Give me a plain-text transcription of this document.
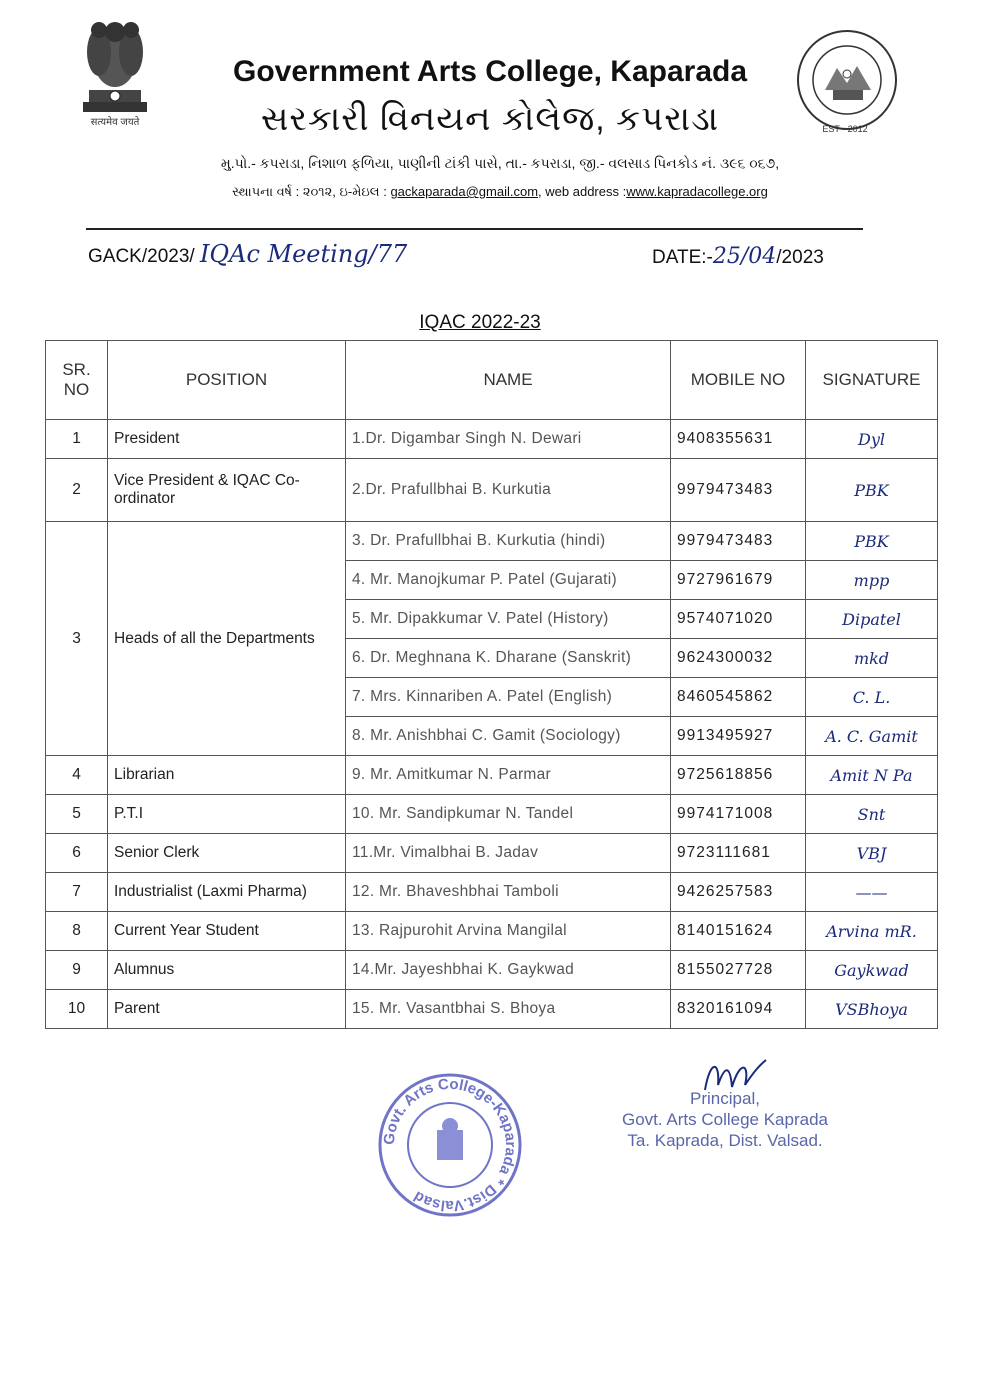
सत्यमेव जयते
EST - 2012
Government Arts College, Kaparada
સરકારી વિનયન કોલેજ, કપરાડા
મુ.પો.- કપરાડા, નિશાળ ફળિયા, પાણીની ટાંકી પાસે, તા.- કપરાડા, જી.- વલસાડ પિનકોડ નં. ૩૯૬ ૦૬૭,
સ્થાપના વર્ષ : ૨૦૧૨, ઇ-મેઇલ : gackaparada@gmail.com, web address :www.kapradacollege.org
GACK/2023/ IQAc Meeting/77	DATE:-25/04/2023
IQAC 2022-23
SR. NO	POSITION	NAME	MOBILE NO	SIGNATURE
1	President	1.Dr. Digambar Singh N. Dewari	9408355631	Dyl
2	Vice President & IQAC Co-ordinator	2.Dr. Prafullbhai B. Kurkutia	9979473483	PBK
3	Heads of all the Departments	3. Dr. Prafullbhai B. Kurkutia (hindi)	9979473483	PBK
		4. Mr. Manojkumar P. Patel (Gujarati)	9727961679	mpp
		5. Mr. Dipakkumar V. Patel (History)	9574071020	Dipatel
		6. Dr. Meghnana K. Dharane (Sanskrit)	9624300032	mkd
		7. Mrs. Kinnariben A. Patel (English)	8460545862	C. L.
		8. Mr. Anishbhai C. Gamit (Sociology)	9913495927	A. C. Gamit
4	Librarian	9. Mr. Amitkumar N. Parmar	9725618856	Amit N Pa
5	P.T.I	10. Mr. Sandipkumar N. Tandel	9974171008	Snt
6	Senior Clerk	11.Mr. Vimalbhai B. Jadav	9723111681	VBJ
7	Industrialist (Laxmi Pharma)	12. Mr. Bhaveshbhai Tamboli	9426257583	——
8	Current Year Student	13. Rajpurohit Arvina Mangilal	8140151624	Arvina mR.
9	Alumnus	14.Mr. Jayeshbhai K. Gaykwad	8155027728	Gaykwad
10	Parent	15. Mr. Vasantbhai S. Bhoya	8320161094	VSBhoya
Govt. Arts College-Kaparada * Dist.Valsad
Principal,
Govt. Arts College Kaprada
Ta. Kaprada, Dist. Valsad.
